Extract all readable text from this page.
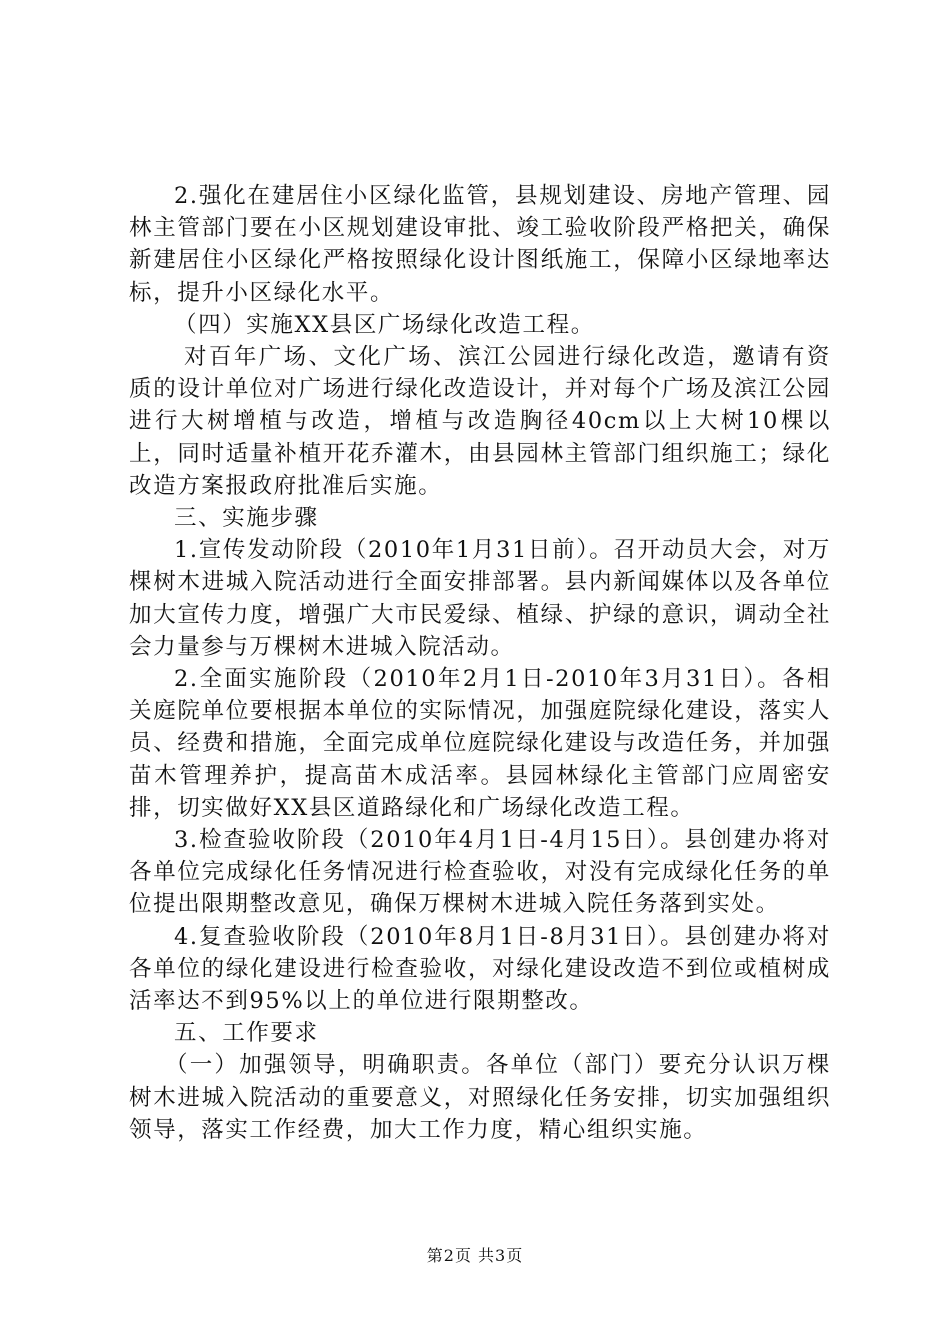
2.强化在建居住小区绿化监管，县规划建设、房地产管理、园林主管部门要在小区规划建设审批、竣工验收阶段严格把关，确保新建居住小区绿化严格按照绿化设计图纸施工，保障小区绿地率达标，提升小区绿化水平。

（四）实施XX县区广场绿化改造工程。

对百年广场、文化广场、滨江公园进行绿化改造，邀请有资质的设计单位对广场进行绿化改造设计，并对每个广场及滨江公园进行大树增植与改造，增植与改造胸径40cm以上大树10棵以上，同时适量补植开花乔灌木，由县园林主管部门组织施工；绿化改造方案报政府批准后实施。

三、实施步骤

1.宣传发动阶段（2010年1月31日前）。召开动员大会，对万棵树木进城入院活动进行全面安排部署。县内新闻媒体以及各单位加大宣传力度，增强广大市民爱绿、植绿、护绿的意识，调动全社会力量参与万棵树木进城入院活动。

2.全面实施阶段（2010年2月1日-2010年3月31日）。各相关庭院单位要根据本单位的实际情况，加强庭院绿化建设，落实人员、经费和措施，全面完成单位庭院绿化建设与改造任务，并加强苗木管理养护，提高苗木成活率。县园林绿化主管部门应周密安排，切实做好XX县区道路绿化和广场绿化改造工程。

3.检查验收阶段（2010年4月1日-4月15日）。县创建办将对各单位完成绿化任务情况进行检查验收，对没有完成绿化任务的单位提出限期整改意见，确保万棵树木进城入院任务落到实处。

4.复查验收阶段（2010年8月1日-8月31日）。县创建办将对各单位的绿化建设进行检查验收，对绿化建设改造不到位或植树成活率达不到95%以上的单位进行限期整改。

五、工作要求

（一）加强领导，明确职责。各单位（部门）要充分认识万棵树木进城入院活动的重要意义，对照绿化任务安排，切实加强组织领导，落实工作经费，加大工作力度，精心组织实施。

第2页 共3页
